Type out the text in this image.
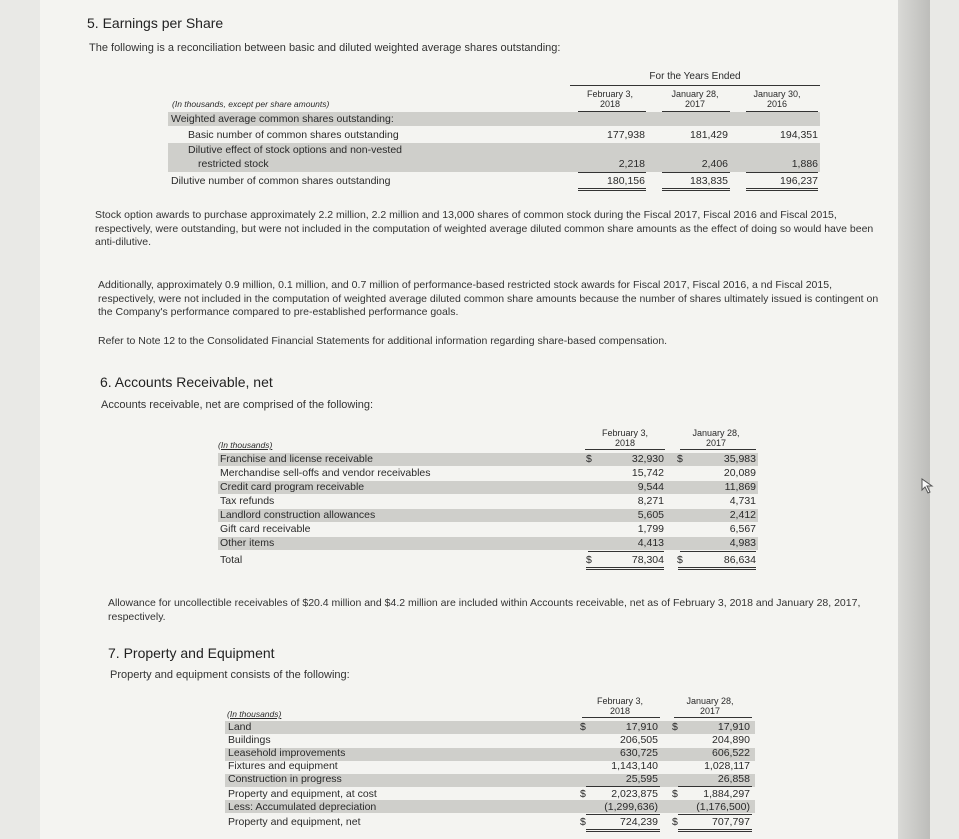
5. Earnings per Share
The following is a reconciliation between basic and diluted weighted average shares outstanding:
For the Years Ended
February 3,
2018
January 28,
2017
January 30,
2016
(In thousands, except per share amounts)
Weighted average common shares outstanding:
Basic number of common shares outstanding	177,938	181,429	194,351
Dilutive effect of stock options and non-vested
restricted stock	2,218	2,406	1,886
Dilutive number of common shares outstanding	180,156	183,835	196,237
Stock option awards to purchase approximately 2.2 million, 2.2 million and 13,000 shares of common stock during the Fiscal 2017, Fiscal 2016 and Fiscal 2015, respectively, were outstanding, but were not included in the computation of weighted average diluted common share amounts as the effect of doing so would have been anti-dilutive.
Additionally, approximately 0.9 million, 0.1 million, and 0.7 million of performance-based restricted stock awards for Fiscal 2017, Fiscal 2016, a nd Fiscal 2015, respectively, were not included in the computation of weighted average diluted common share amounts because the number of shares ultimately issued is contingent on the Company's performance compared to pre-established performance goals.
Refer to Note 12 to the Consolidated Financial Statements for additional information regarding share-based compensation.
6. Accounts Receivable, net
Accounts receivable, net are comprised of the following:
February 3,
2018
January 28,
2017
(In thousands)
$	$
Franchise and license receivable	32,930	35,983
Merchandise sell-offs and vendor receivables	15,742	20,089
Credit card program receivable	9,544	11,869
Tax refunds	8,271	4,731
Landlord construction allowances	5,605	2,412
Gift card receivable	1,799	6,567
Other items	4,413	4,983
$	$
Total	78,304	86,634
Allowance for uncollectible receivables of $20.4 million and $4.2 million are included within Accounts receivable, net as of February 3, 2018 and January 28, 2017, respectively.
7. Property and Equipment
Property and equipment consists of the following:
February 3,
2018
January 28,
2017
(In thousands)
$	$
Land	17,910	17,910
Buildings	206,505	204,890
Leasehold improvements	630,725	606,522
Fixtures and equipment	1,143,140	1,028,117
Construction in progress	25,595	26,858
$	$
Property and equipment, at cost	2,023,875	1,884,297
Less: Accumulated depreciation	(1,299,636)	(1,176,500)
$	$
Property and equipment, net	724,239	707,797
